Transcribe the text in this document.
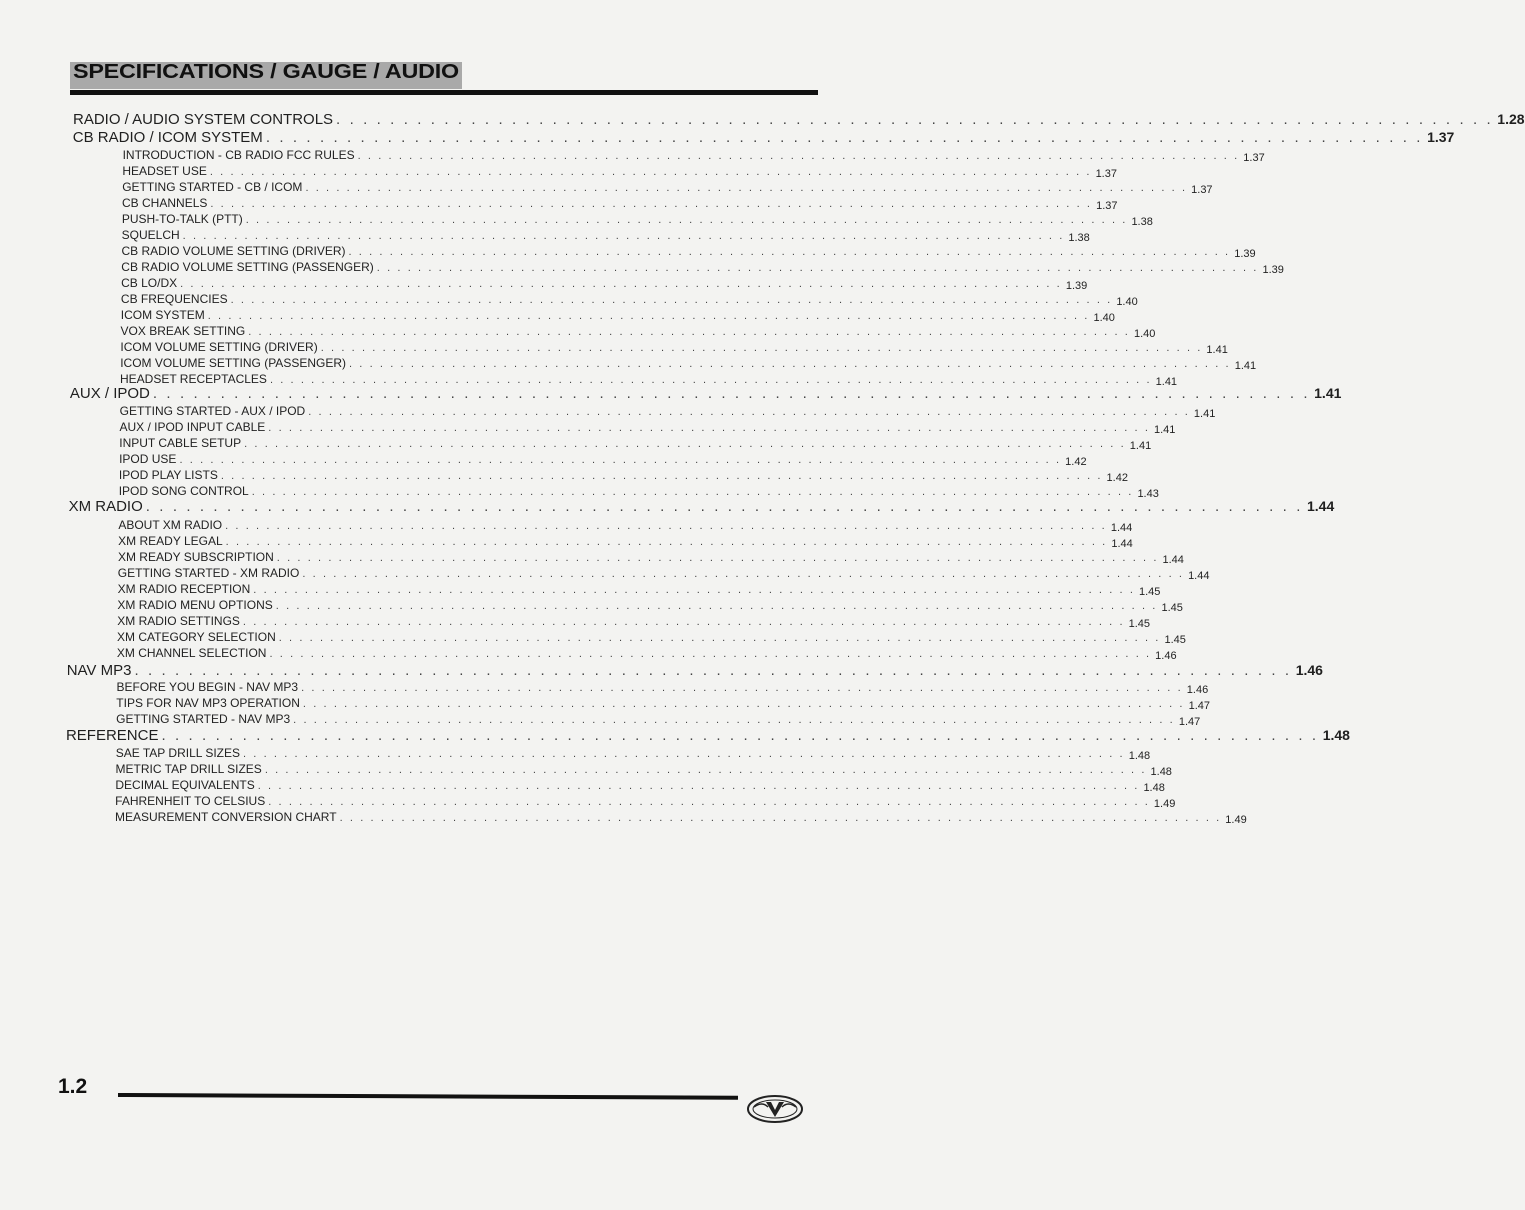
SPECIFICATIONS / GAUGE / AUDIO
RADIO / AUDIO SYSTEM CONTROLS . . . . . . . . . . . . . . . . . . . . . . . . . . . . . . . . . . . . . . . . . . . . . . . . . . . . . . . . . . . . . . . . . . . . . . . . . . . . . . . . . . . . . . 1.28
CB RADIO / ICOM SYSTEM . . . . . . . . . . . . . . . . . . . . . . . . . . . . . . . . . . . . . . . . . . . . . . . . . . . . . . . . . . . . . . . . . . . . . . . . . . . . . . . . . . . . . . 1.37
INTRODUCTION - CB RADIO FCC RULES . . . . . . . . . . . . . . . . . . . . . . . . . . . . . . . . . . . . . . . . . . . . . . . . . . . . . . . . . . . . . . . . . . . . . . . . . . . . . . . . . . . . . . 1.37
HEADSET USE . . . . . . . . . . . . . . . . . . . . . . . . . . . . . . . . . . . . . . . . . . . . . . . . . . . . . . . . . . . . . . . . . . . . . . . . . . . . . . . . . . . . . . 1.37
GETTING STARTED - CB / ICOM . . . . . . . . . . . . . . . . . . . . . . . . . . . . . . . . . . . . . . . . . . . . . . . . . . . . . . . . . . . . . . . . . . . . . . . . . . . . . . . . . . . . . . 1.37
CB CHANNELS . . . . . . . . . . . . . . . . . . . . . . . . . . . . . . . . . . . . . . . . . . . . . . . . . . . . . . . . . . . . . . . . . . . . . . . . . . . . . . . . . . . . . . 1.37
PUSH-TO-TALK (PTT) . . . . . . . . . . . . . . . . . . . . . . . . . . . . . . . . . . . . . . . . . . . . . . . . . . . . . . . . . . . . . . . . . . . . . . . . . . . . . . . . . . . . . . 1.38
SQUELCH . . . . . . . . . . . . . . . . . . . . . . . . . . . . . . . . . . . . . . . . . . . . . . . . . . . . . . . . . . . . . . . . . . . . . . . . . . . . . . . . . . . . . . 1.38
CB RADIO VOLUME SETTING (DRIVER) . . . . . . . . . . . . . . . . . . . . . . . . . . . . . . . . . . . . . . . . . . . . . . . . . . . . . . . . . . . . . . . . . . . . . . . . . . . . . . . . . . . . . . 1.39
CB RADIO VOLUME SETTING (PASSENGER) . . . . . . . . . . . . . . . . . . . . . . . . . . . . . . . . . . . . . . . . . . . . . . . . . . . . . . . . . . . . . . . . . . . . . . . . . . . . . . . . . . . . . . 1.39
CB LO/DX . . . . . . . . . . . . . . . . . . . . . . . . . . . . . . . . . . . . . . . . . . . . . . . . . . . . . . . . . . . . . . . . . . . . . . . . . . . . . . . . . . . . . . 1.39
CB FREQUENCIES . . . . . . . . . . . . . . . . . . . . . . . . . . . . . . . . . . . . . . . . . . . . . . . . . . . . . . . . . . . . . . . . . . . . . . . . . . . . . . . . . . . . . . 1.40
ICOM SYSTEM . . . . . . . . . . . . . . . . . . . . . . . . . . . . . . . . . . . . . . . . . . . . . . . . . . . . . . . . . . . . . . . . . . . . . . . . . . . . . . . . . . . . . . 1.40
VOX BREAK SETTING . . . . . . . . . . . . . . . . . . . . . . . . . . . . . . . . . . . . . . . . . . . . . . . . . . . . . . . . . . . . . . . . . . . . . . . . . . . . . . . . . . . . . . 1.40
ICOM VOLUME SETTING (DRIVER) . . . . . . . . . . . . . . . . . . . . . . . . . . . . . . . . . . . . . . . . . . . . . . . . . . . . . . . . . . . . . . . . . . . . . . . . . . . . . . . . . . . . . . 1.41
ICOM VOLUME SETTING (PASSENGER) . . . . . . . . . . . . . . . . . . . . . . . . . . . . . . . . . . . . . . . . . . . . . . . . . . . . . . . . . . . . . . . . . . . . . . . . . . . . . . . . . . . . . . 1.41
HEADSET RECEPTACLES . . . . . . . . . . . . . . . . . . . . . . . . . . . . . . . . . . . . . . . . . . . . . . . . . . . . . . . . . . . . . . . . . . . . . . . . . . . . . . . . . . . . . . 1.41
AUX / IPOD . . . . . . . . . . . . . . . . . . . . . . . . . . . . . . . . . . . . . . . . . . . . . . . . . . . . . . . . . . . . . . . . . . . . . . . . . . . . . . . . . . . . . . 1.41
GETTING STARTED - AUX / IPOD . . . . . . . . . . . . . . . . . . . . . . . . . . . . . . . . . . . . . . . . . . . . . . . . . . . . . . . . . . . . . . . . . . . . . . . . . . . . . . . . . . . . . . 1.41
AUX / IPOD INPUT CABLE . . . . . . . . . . . . . . . . . . . . . . . . . . . . . . . . . . . . . . . . . . . . . . . . . . . . . . . . . . . . . . . . . . . . . . . . . . . . . . . . . . . . . . 1.41
INPUT CABLE SETUP . . . . . . . . . . . . . . . . . . . . . . . . . . . . . . . . . . . . . . . . . . . . . . . . . . . . . . . . . . . . . . . . . . . . . . . . . . . . . . . . . . . . . . 1.41
IPOD USE . . . . . . . . . . . . . . . . . . . . . . . . . . . . . . . . . . . . . . . . . . . . . . . . . . . . . . . . . . . . . . . . . . . . . . . . . . . . . . . . . . . . . . 1.42
IPOD PLAY LISTS . . . . . . . . . . . . . . . . . . . . . . . . . . . . . . . . . . . . . . . . . . . . . . . . . . . . . . . . . . . . . . . . . . . . . . . . . . . . . . . . . . . . . . 1.42
IPOD SONG CONTROL . . . . . . . . . . . . . . . . . . . . . . . . . . . . . . . . . . . . . . . . . . . . . . . . . . . . . . . . . . . . . . . . . . . . . . . . . . . . . . . . . . . . . . 1.43
XM RADIO . . . . . . . . . . . . . . . . . . . . . . . . . . . . . . . . . . . . . . . . . . . . . . . . . . . . . . . . . . . . . . . . . . . . . . . . . . . . . . . . . . . . . . 1.44
ABOUT XM RADIO . . . . . . . . . . . . . . . . . . . . . . . . . . . . . . . . . . . . . . . . . . . . . . . . . . . . . . . . . . . . . . . . . . . . . . . . . . . . . . . . . . . . . . 1.44
XM READY LEGAL . . . . . . . . . . . . . . . . . . . . . . . . . . . . . . . . . . . . . . . . . . . . . . . . . . . . . . . . . . . . . . . . . . . . . . . . . . . . . . . . . . . . . . 1.44
XM READY SUBSCRIPTION . . . . . . . . . . . . . . . . . . . . . . . . . . . . . . . . . . . . . . . . . . . . . . . . . . . . . . . . . . . . . . . . . . . . . . . . . . . . . . . . . . . . . . 1.44
GETTING STARTED - XM RADIO . . . . . . . . . . . . . . . . . . . . . . . . . . . . . . . . . . . . . . . . . . . . . . . . . . . . . . . . . . . . . . . . . . . . . . . . . . . . . . . . . . . . . . 1.44
XM RADIO RECEPTION . . . . . . . . . . . . . . . . . . . . . . . . . . . . . . . . . . . . . . . . . . . . . . . . . . . . . . . . . . . . . . . . . . . . . . . . . . . . . . . . . . . . . . 1.45
XM RADIO MENU OPTIONS . . . . . . . . . . . . . . . . . . . . . . . . . . . . . . . . . . . . . . . . . . . . . . . . . . . . . . . . . . . . . . . . . . . . . . . . . . . . . . . . . . . . . . 1.45
XM RADIO SETTINGS . . . . . . . . . . . . . . . . . . . . . . . . . . . . . . . . . . . . . . . . . . . . . . . . . . . . . . . . . . . . . . . . . . . . . . . . . . . . . . . . . . . . . . 1.45
XM CATEGORY SELECTION . . . . . . . . . . . . . . . . . . . . . . . . . . . . . . . . . . . . . . . . . . . . . . . . . . . . . . . . . . . . . . . . . . . . . . . . . . . . . . . . . . . . . . 1.45
XM CHANNEL SELECTION . . . . . . . . . . . . . . . . . . . . . . . . . . . . . . . . . . . . . . . . . . . . . . . . . . . . . . . . . . . . . . . . . . . . . . . . . . . . . . . . . . . . . . 1.46
NAV MP3 . . . . . . . . . . . . . . . . . . . . . . . . . . . . . . . . . . . . . . . . . . . . . . . . . . . . . . . . . . . . . . . . . . . . . . . . . . . . . . . . . . . . . . 1.46
BEFORE YOU BEGIN - NAV MP3 . . . . . . . . . . . . . . . . . . . . . . . . . . . . . . . . . . . . . . . . . . . . . . . . . . . . . . . . . . . . . . . . . . . . . . . . . . . . . . . . . . . . . . 1.46
TIPS FOR NAV MP3 OPERATION . . . . . . . . . . . . . . . . . . . . . . . . . . . . . . . . . . . . . . . . . . . . . . . . . . . . . . . . . . . . . . . . . . . . . . . . . . . . . . . . . . . . . . 1.47
GETTING STARTED - NAV MP3 . . . . . . . . . . . . . . . . . . . . . . . . . . . . . . . . . . . . . . . . . . . . . . . . . . . . . . . . . . . . . . . . . . . . . . . . . . . . . . . . . . . . . . 1.47
REFERENCE . . . . . . . . . . . . . . . . . . . . . . . . . . . . . . . . . . . . . . . . . . . . . . . . . . . . . . . . . . . . . . . . . . . . . . . . . . . . . . . . . . . . . . 1.48
SAE TAP DRILL SIZES . . . . . . . . . . . . . . . . . . . . . . . . . . . . . . . . . . . . . . . . . . . . . . . . . . . . . . . . . . . . . . . . . . . . . . . . . . . . . . . . . . . . . . 1.48
METRIC TAP DRILL SIZES . . . . . . . . . . . . . . . . . . . . . . . . . . . . . . . . . . . . . . . . . . . . . . . . . . . . . . . . . . . . . . . . . . . . . . . . . . . . . . . . . . . . . . 1.48
DECIMAL EQUIVALENTS . . . . . . . . . . . . . . . . . . . . . . . . . . . . . . . . . . . . . . . . . . . . . . . . . . . . . . . . . . . . . . . . . . . . . . . . . . . . . . . . . . . . . . 1.48
FAHRENHEIT TO CELSIUS . . . . . . . . . . . . . . . . . . . . . . . . . . . . . . . . . . . . . . . . . . . . . . . . . . . . . . . . . . . . . . . . . . . . . . . . . . . . . . . . . . . . . . 1.49
MEASUREMENT CONVERSION CHART . . . . . . . . . . . . . . . . . . . . . . . . . . . . . . . . . . . . . . . . . . . . . . . . . . . . . . . . . . . . . . . . . . . . . . . . . . . . . . . . . . . . . . 1.49
1.2
